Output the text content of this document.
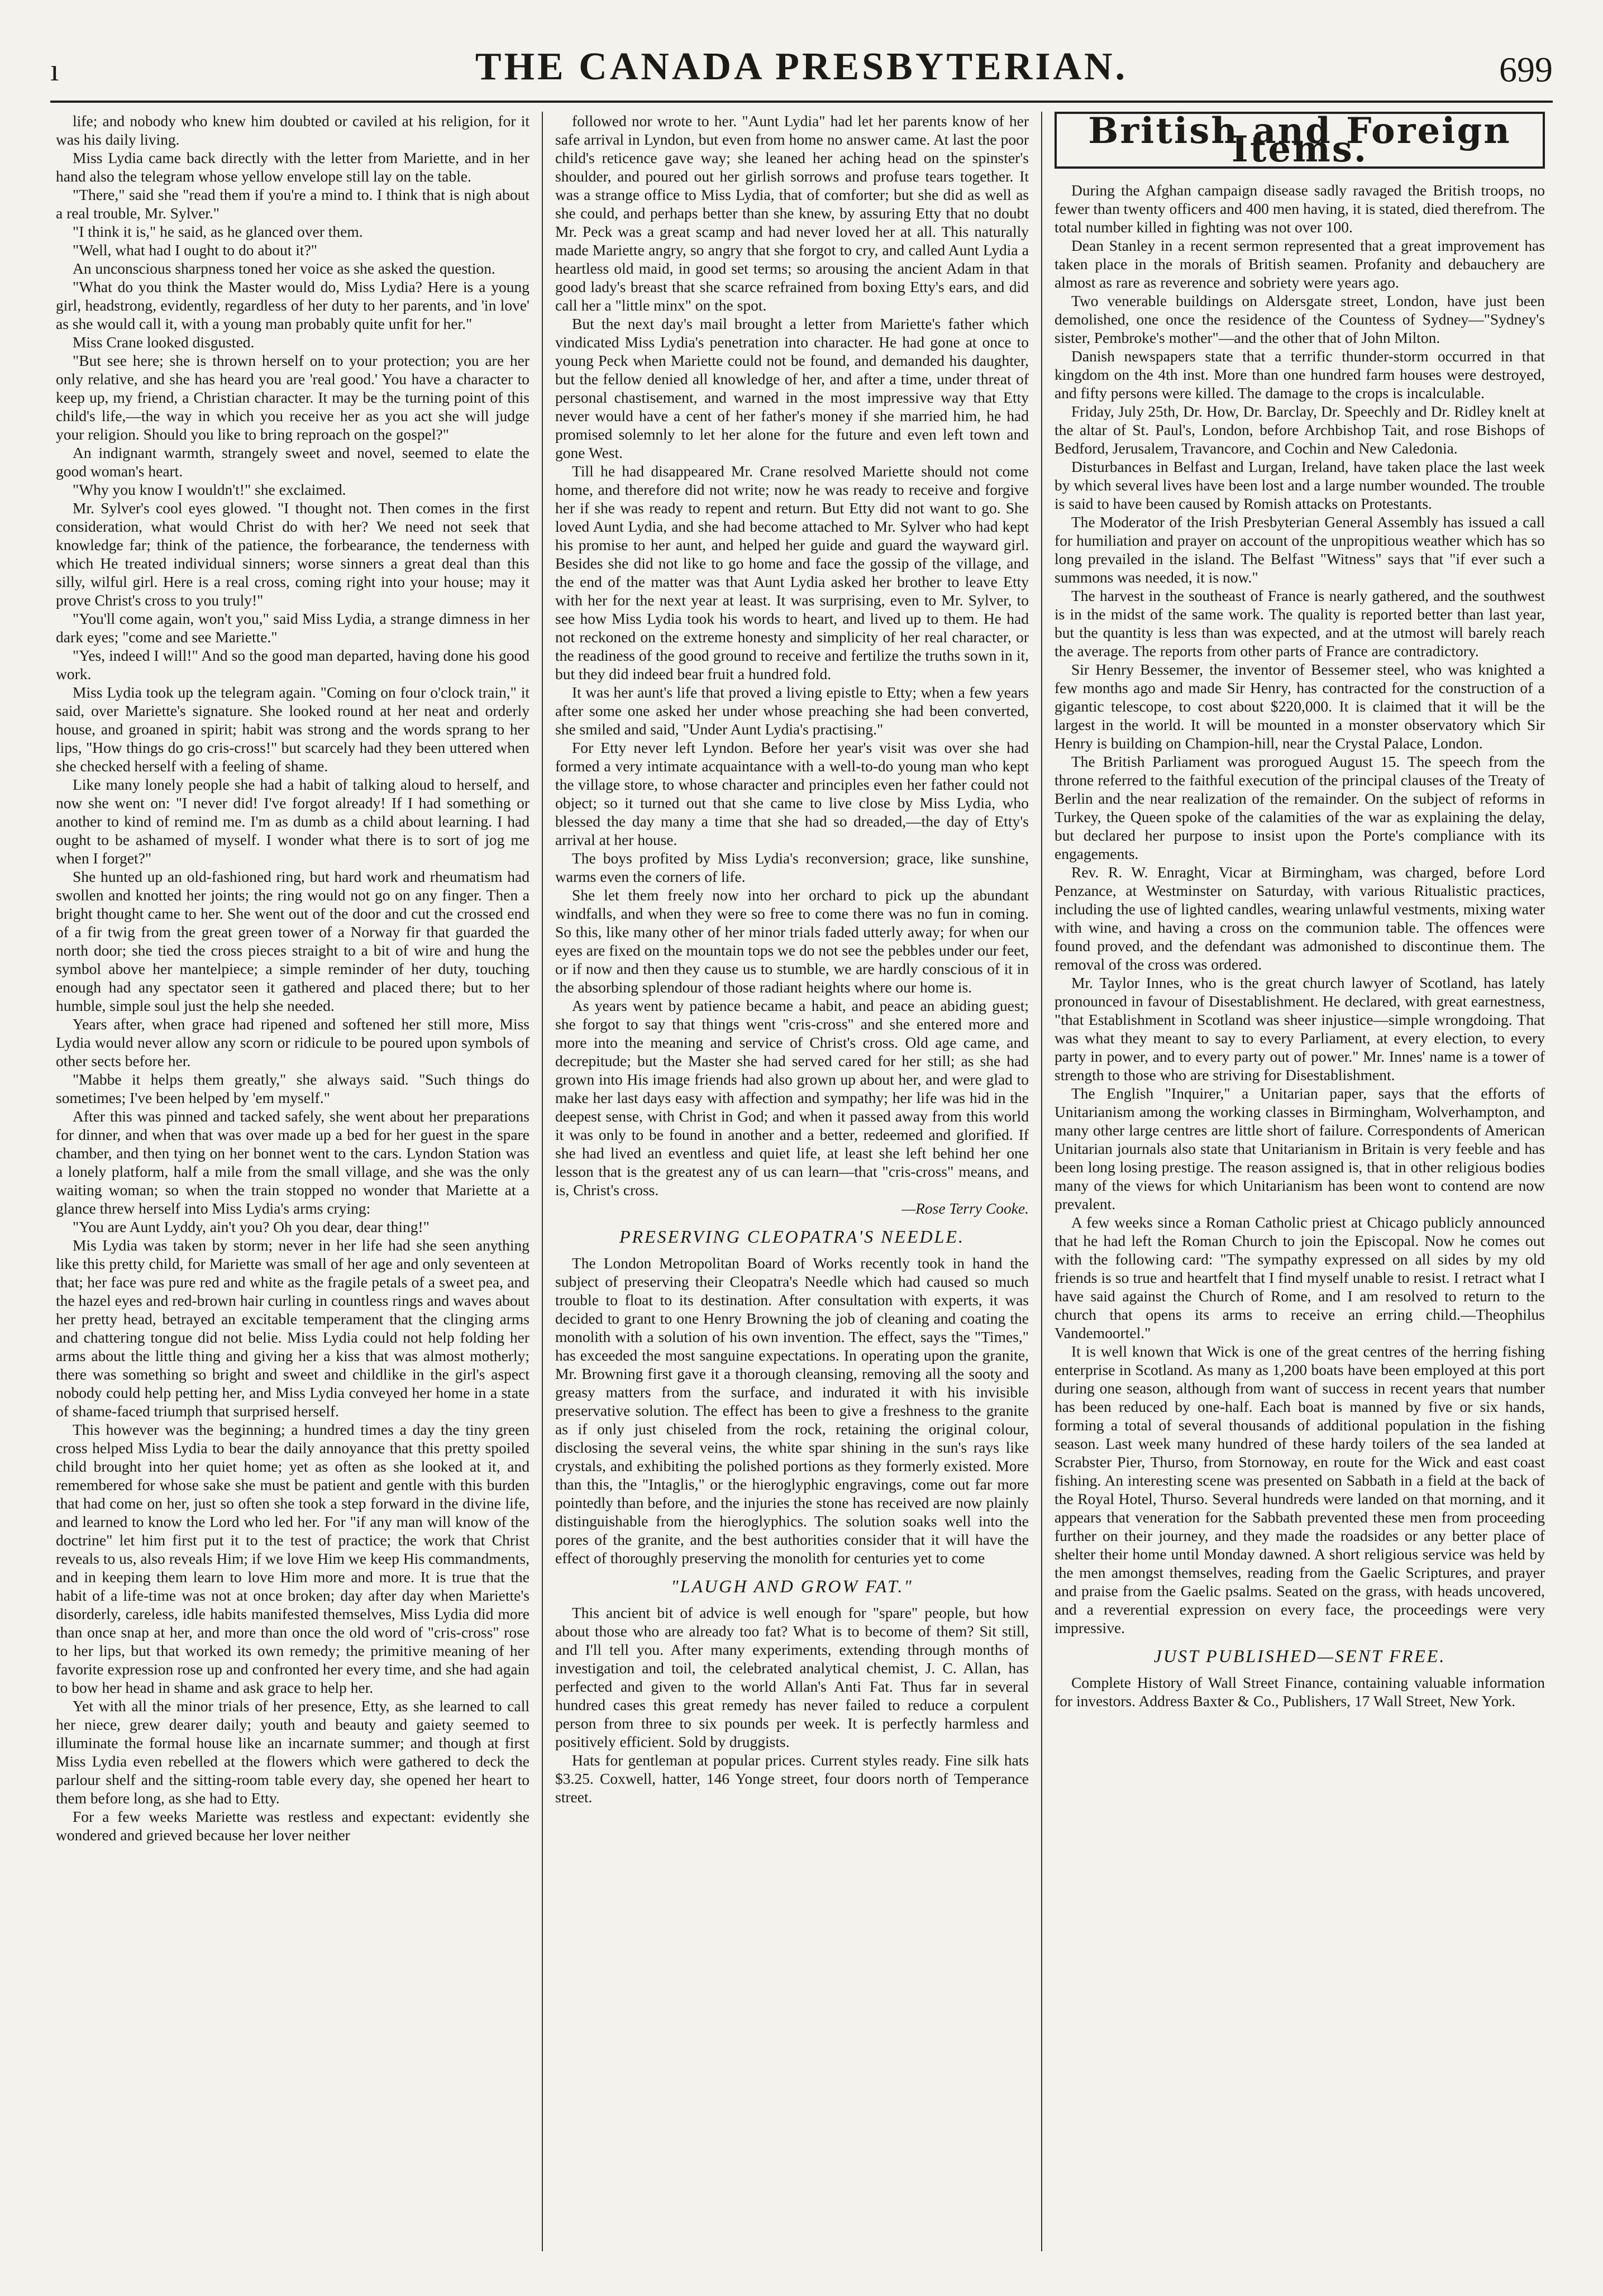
ı	THE CANADA PRESBYTERIAN.	699

life; and nobody who knew him doubted or caviled at his religion, for it was his daily living.

Miss Lydia came back directly with the letter from Mariette, and in her hand also the telegram whose yellow envelope still lay on the table.

"There," said she "read them if you're a mind to. I think that is nigh about a real trouble, Mr. Sylver."

"I think it is," he said, as he glanced over them.

"Well, what had I ought to do about it?"

An unconscious sharpness toned her voice as she asked the question.

"What do you think the Master would do, Miss Lydia? Here is a young girl, headstrong, evidently, regardless of her duty to her parents, and 'in love' as she would call it, with a young man probably quite unfit for her."

Miss Crane looked disgusted.

"But see here; she is thrown herself on to your protection; you are her only relative, and she has heard you are 'real good.' You have a character to keep up, my friend, a Christian character. It may be the turning point of this child's life,—the way in which you receive her as you act she will judge your religion. Should you like to bring reproach on the gospel?"

An indignant warmth, strangely sweet and novel, seemed to elate the good woman's heart.

"Why you know I wouldn't!" she exclaimed.

Mr. Sylver's cool eyes glowed. "I thought not. Then comes in the first consideration, what would Christ do with her? We need not seek that knowledge far; think of the patience, the forbearance, the tenderness with which He treated individual sinners; worse sinners a great deal than this silly, wilful girl. Here is a real cross, coming right into your house; may it prove Christ's cross to you truly!"

"You'll come again, won't you," said Miss Lydia, a strange dimness in her dark eyes; "come and see Mariette."

"Yes, indeed I will!" And so the good man departed, having done his good work.

Miss Lydia took up the telegram again. "Coming on four o'clock train," it said, over Mariette's signature. She looked round at her neat and orderly house, and groaned in spirit; habit was strong and the words sprang to her lips, "How things do go cris-cross!" but scarcely had they been uttered when she checked herself with a feeling of shame.

Like many lonely people she had a habit of talking aloud to herself, and now she went on: "I never did! I've forgot already! If I had something or another to kind of remind me. I'm as dumb as a child about learning. I had ought to be ashamed of myself. I wonder what there is to sort of jog me when I forget?"

She hunted up an old-fashioned ring, but hard work and rheumatism had swollen and knotted her joints; the ring would not go on any finger. Then a bright thought came to her. She went out of the door and cut the crossed end of a fir twig from the great green tower of a Norway fir that guarded the north door; she tied the cross pieces straight to a bit of wire and hung the symbol above her mantelpiece; a simple reminder of her duty, touching enough had any spectator seen it gathered and placed there; but to her humble, simple soul just the help she needed.

Years after, when grace had ripened and softened her still more, Miss Lydia would never allow any scorn or ridicule to be poured upon symbols of other sects before her.

"Mabbe it helps them greatly," she always said. "Such things do sometimes; I've been helped by 'em myself."

After this was pinned and tacked safely, she went about her preparations for dinner, and when that was over made up a bed for her guest in the spare chamber, and then tying on her bonnet went to the cars. Lyndon Station was a lonely platform, half a mile from the small village, and she was the only waiting woman; so when the train stopped no wonder that Mariette at a glance threw herself into Miss Lydia's arms crying:

"You are Aunt Lyddy, ain't you? Oh you dear, dear thing!"

Mis Lydia was taken by storm; never in her life had she seen anything like this pretty child, for Mariette was small of her age and only seventeen at that; her face was pure red and white as the fragile petals of a sweet pea, and the hazel eyes and red-brown hair curling in countless rings and waves about her pretty head, betrayed an excitable temperament that the clinging arms and chattering tongue did not belie. Miss Lydia could not help folding her arms about the little thing and giving her a kiss that was almost motherly; there was something so bright and sweet and childlike in the girl's aspect nobody could help petting her, and Miss Lydia conveyed her home in a state of shame-faced triumph that surprised herself.

This however was the beginning; a hundred times a day the tiny green cross helped Miss Lydia to bear the daily annoyance that this pretty spoiled child brought into her quiet home; yet as often as she looked at it, and remembered for whose sake she must be patient and gentle with this burden that had come on her, just so often she took a step forward in the divine life, and learned to know the Lord who led her. For "if any man will know of the doctrine" let him first put it to the test of practice; the work that Christ reveals to us, also reveals Him; if we love Him we keep His commandments, and in keeping them learn to love Him more and more. It is true that the habit of a life-time was not at once broken; day after day when Mariette's disorderly, careless, idle habits manifested themselves, Miss Lydia did more than once snap at her, and more than once the old word of "cris-cross" rose to her lips, but that worked its own remedy; the primitive meaning of her favorite expression rose up and confronted her every time, and she had again to bow her head in shame and ask grace to help her.

Yet with all the minor trials of her presence, Etty, as she learned to call her niece, grew dearer daily; youth and beauty and gaiety seemed to illuminate the formal house like an incarnate summer; and though at first Miss Lydia even rebelled at the flowers which were gathered to deck the parlour shelf and the sitting-room table every day, she opened her heart to them before long, as she had to Etty.

For a few weeks Mariette was restless and expectant: evidently she wondered and grieved because her lover neither

followed nor wrote to her. "Aunt Lydia" had let her parents know of her safe arrival in Lyndon, but even from home no answer came. At last the poor child's reticence gave way; she leaned her aching head on the spinster's shoulder, and poured out her girlish sorrows and profuse tears together. It was a strange office to Miss Lydia, that of comforter; but she did as well as she could, and perhaps better than she knew, by assuring Etty that no doubt Mr. Peck was a great scamp and had never loved her at all. This naturally made Mariette angry, so angry that she forgot to cry, and called Aunt Lydia a heartless old maid, in good set terms; so arousing the ancient Adam in that good lady's breast that she scarce refrained from boxing Etty's ears, and did call her a "little minx" on the spot.

But the next day's mail brought a letter from Mariette's father which vindicated Miss Lydia's penetration into character. He had gone at once to young Peck when Mariette could not be found, and demanded his daughter, but the fellow denied all knowledge of her, and after a time, under threat of personal chastisement, and warned in the most impressive way that Etty never would have a cent of her father's money if she married him, he had promised solemnly to let her alone for the future and even left town and gone West.

Till he had disappeared Mr. Crane resolved Mariette should not come home, and therefore did not write; now he was ready to receive and forgive her if she was ready to repent and return. But Etty did not want to go. She loved Aunt Lydia, and she had become attached to Mr. Sylver who had kept his promise to her aunt, and helped her guide and guard the wayward girl. Besides she did not like to go home and face the gossip of the village, and the end of the matter was that Aunt Lydia asked her brother to leave Etty with her for the next year at least. It was surprising, even to Mr. Sylver, to see how Miss Lydia took his words to heart, and lived up to them. He had not reckoned on the extreme honesty and simplicity of her real character, or the readiness of the good ground to receive and fertilize the truths sown in it, but they did indeed bear fruit a hundred fold.

It was her aunt's life that proved a living epistle to Etty; when a few years after some one asked her under whose preaching she had been converted, she smiled and said, "Under Aunt Lydia's practising."

For Etty never left Lyndon. Before her year's visit was over she had formed a very intimate acquaintance with a well-to-do young man who kept the village store, to whose character and principles even her father could not object; so it turned out that she came to live close by Miss Lydia, who blessed the day many a time that she had so dreaded,—the day of Etty's arrival at her house.

The boys profited by Miss Lydia's reconversion; grace, like sunshine, warms even the corners of life.

She let them freely now into her orchard to pick up the abundant windfalls, and when they were so free to come there was no fun in coming. So this, like many other of her minor trials faded utterly away; for when our eyes are fixed on the mountain tops we do not see the pebbles under our feet, or if now and then they cause us to stumble, we are hardly conscious of it in the absorbing splendour of those radiant heights where our home is.

As years went by patience became a habit, and peace an abiding guest; she forgot to say that things went "cris-cross" and she entered more and more into the meaning and service of Christ's cross. Old age came, and decrepitude; but the Master she had served cared for her still; as she had grown into His image friends had also grown up about her, and were glad to make her last days easy with affection and sympathy; her life was hid in the deepest sense, with Christ in God; and when it passed away from this world it was only to be found in another and a better, redeemed and glorified. If she had lived an eventless and quiet life, at least she left behind her one lesson that is the greatest any of us can learn—that "cris-cross" means, and is, Christ's cross.

—Rose Terry Cooke.

PRESERVING CLEOPATRA'S NEEDLE.

The London Metropolitan Board of Works recently took in hand the subject of preserving their Cleopatra's Needle which had caused so much trouble to float to its destination. After consultation with experts, it was decided to grant to one Henry Browning the job of cleaning and coating the monolith with a solution of his own invention. The effect, says the "Times," has exceeded the most sanguine expectations. In operating upon the granite, Mr. Browning first gave it a thorough cleansing, removing all the sooty and greasy matters from the surface, and indurated it with his invisible preservative solution. The effect has been to give a freshness to the granite as if only just chiseled from the rock, retaining the original colour, disclosing the several veins, the white spar shining in the sun's rays like crystals, and exhibiting the polished portions as they formerly existed. More than this, the "Intaglis," or the hieroglyphic engravings, come out far more pointedly than before, and the injuries the stone has received are now plainly distinguishable from the hieroglyphics. The solution soaks well into the pores of the granite, and the best authorities consider that it will have the effect of thoroughly preserving the monolith for centuries yet to come

"LAUGH AND GROW FAT."

This ancient bit of advice is well enough for "spare" people, but how about those who are already too fat? What is to become of them? Sit still, and I'll tell you. After many experiments, extending through months of investigation and toil, the celebrated analytical chemist, J. C. Allan, has perfected and given to the world Allan's Anti Fat. Thus far in several hundred cases this great remedy has never failed to reduce a corpulent person from three to six pounds per week. It is perfectly harmless and positively efficient. Sold by druggists.

Hats for gentleman at popular prices. Current styles ready. Fine silk hats $3.25. Coxwell, hatter, 146 Yonge street, four doors north of Temperance street.

British and Foreign Items.

During the Afghan campaign disease sadly ravaged the British troops, no fewer than twenty officers and 400 men having, it is stated, died therefrom. The total number killed in fighting was not over 100.

Dean Stanley in a recent sermon represented that a great improvement has taken place in the morals of British seamen. Profanity and debauchery are almost as rare as reverence and sobriety were years ago.

Two venerable buildings on Aldersgate street, London, have just been demolished, one once the residence of the Countess of Sydney—"Sydney's sister, Pembroke's mother"—and the other that of John Milton.

Danish newspapers state that a terrific thunder-storm occurred in that kingdom on the 4th inst. More than one hundred farm houses were destroyed, and fifty persons were killed. The damage to the crops is incalculable.

Friday, July 25th, Dr. How, Dr. Barclay, Dr. Speechly and Dr. Ridley knelt at the altar of St. Paul's, London, before Archbishop Tait, and rose Bishops of Bedford, Jerusalem, Travancore, and Cochin and New Caledonia.

Disturbances in Belfast and Lurgan, Ireland, have taken place the last week by which several lives have been lost and a large number wounded. The trouble is said to have been caused by Romish attacks on Protestants.

The Moderator of the Irish Presbyterian General Assembly has issued a call for humiliation and prayer on account of the unpropitious weather which has so long prevailed in the island. The Belfast "Witness" says that "if ever such a summons was needed, it is now."

The harvest in the southeast of France is nearly gathered, and the southwest is in the midst of the same work. The quality is reported better than last year, but the quantity is less than was expected, and at the utmost will barely reach the average. The reports from other parts of France are contradictory.

Sir Henry Bessemer, the inventor of Bessemer steel, who was knighted a few months ago and made Sir Henry, has contracted for the construction of a gigantic telescope, to cost about $220,000. It is claimed that it will be the largest in the world. It will be mounted in a monster observatory which Sir Henry is building on Champion-hill, near the Crystal Palace, London.

The British Parliament was prorogued August 15. The speech from the throne referred to the faithful execution of the principal clauses of the Treaty of Berlin and the near realization of the remainder. On the subject of reforms in Turkey, the Queen spoke of the calamities of the war as explaining the delay, but declared her purpose to insist upon the Porte's compliance with its engagements.

Rev. R. W. Enraght, Vicar at Birmingham, was charged, before Lord Penzance, at Westminster on Saturday, with various Ritualistic practices, including the use of lighted candles, wearing unlawful vestments, mixing water with wine, and having a cross on the communion table. The offences were found proved, and the defendant was admonished to discontinue them. The removal of the cross was ordered.

Mr. Taylor Innes, who is the great church lawyer of Scotland, has lately pronounced in favour of Disestablishment. He declared, with great earnestness, "that Establishment in Scotland was sheer injustice—simple wrongdoing. That was what they meant to say to every Parliament, at every election, to every party in power, and to every party out of power." Mr. Innes' name is a tower of strength to those who are striving for Disestablishment.

The English "Inquirer," a Unitarian paper, says that the efforts of Unitarianism among the working classes in Birmingham, Wolverhampton, and many other large centres are little short of failure. Correspondents of American Unitarian journals also state that Unitarianism in Britain is very feeble and has been long losing prestige. The reason assigned is, that in other religious bodies many of the views for which Unitarianism has been wont to contend are now prevalent.

A few weeks since a Roman Catholic priest at Chicago publicly announced that he had left the Roman Church to join the Episcopal. Now he comes out with the following card: "The sympathy expressed on all sides by my old friends is so true and heartfelt that I find myself unable to resist. I retract what I have said against the Church of Rome, and I am resolved to return to the church that opens its arms to receive an erring child.—Theophilus Vandemoortel."

It is well known that Wick is one of the great centres of the herring fishing enterprise in Scotland. As many as 1,200 boats have been employed at this port during one season, although from want of success in recent years that number has been reduced by one-half. Each boat is manned by five or six hands, forming a total of several thousands of additional population in the fishing season. Last week many hundred of these hardy toilers of the sea landed at Scrabster Pier, Thurso, from Stornoway, en route for the Wick and east coast fishing. An interesting scene was presented on Sabbath in a field at the back of the Royal Hotel, Thurso. Several hundreds were landed on that morning, and it appears that veneration for the Sabbath prevented these men from proceeding further on their journey, and they made the roadsides or any better place of shelter their home until Monday dawned. A short religious service was held by the men amongst themselves, reading from the Gaelic Scriptures, and prayer and praise from the Gaelic psalms. Seated on the grass, with heads uncovered, and a reverential expression on every face, the proceedings were very impressive.

JUST PUBLISHED—SENT FREE.

Complete History of Wall Street Finance, containing valuable information for investors. Address Baxter & Co., Publishers, 17 Wall Street, New York.
